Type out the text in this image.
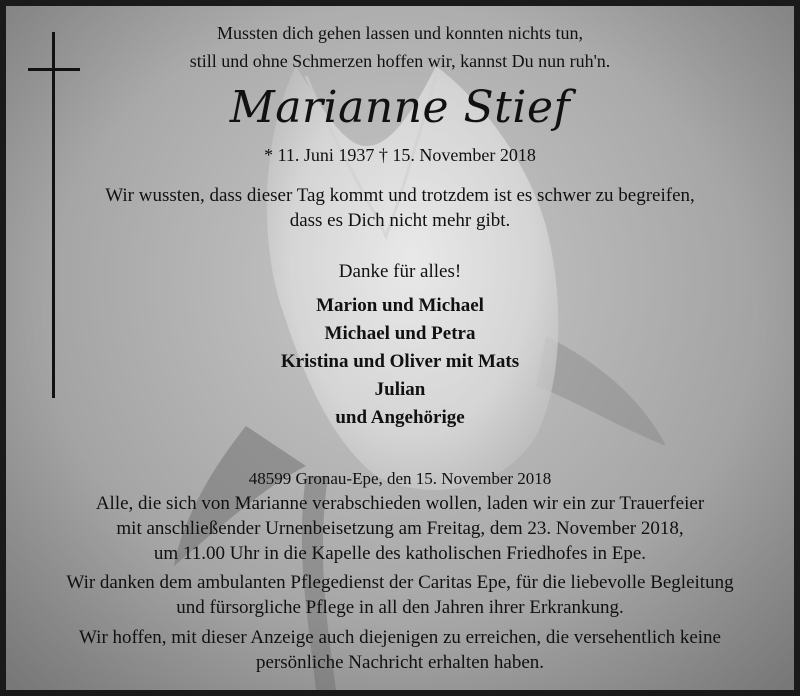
Mussten dich gehen lassen und konnten nichts tun,

still und ohne Schmerzen hoffen wir, kannst Du nun ruh'n.

Marianne Stief

* 11. Juni 1937 † 15. November 2018

Wir wussten, dass dieser Tag kommt und trotzdem ist es schwer zu begreifen,

dass es Dich nicht mehr gibt.

Danke für alles!

Marion und Michael

Michael und Petra

Kristina und Oliver mit Mats

Julian

und Angehörige

48599 Gronau-Epe, den 15. November 2018

Alle, die sich von Marianne verabschieden wollen, laden wir ein zur Trauerfeier

mit anschließender Urnenbeisetzung am Freitag, dem 23. November 2018,

um 11.00 Uhr in die Kapelle des katholischen Friedhofes in Epe.

Wir danken dem ambulanten Pflegedienst der Caritas Epe, für die liebevolle Begleitung

und fürsorgliche Pflege in all den Jahren ihrer Erkrankung.

Wir hoffen, mit dieser Anzeige auch diejenigen zu erreichen, die versehentlich keine

persönliche Nachricht erhalten haben.
